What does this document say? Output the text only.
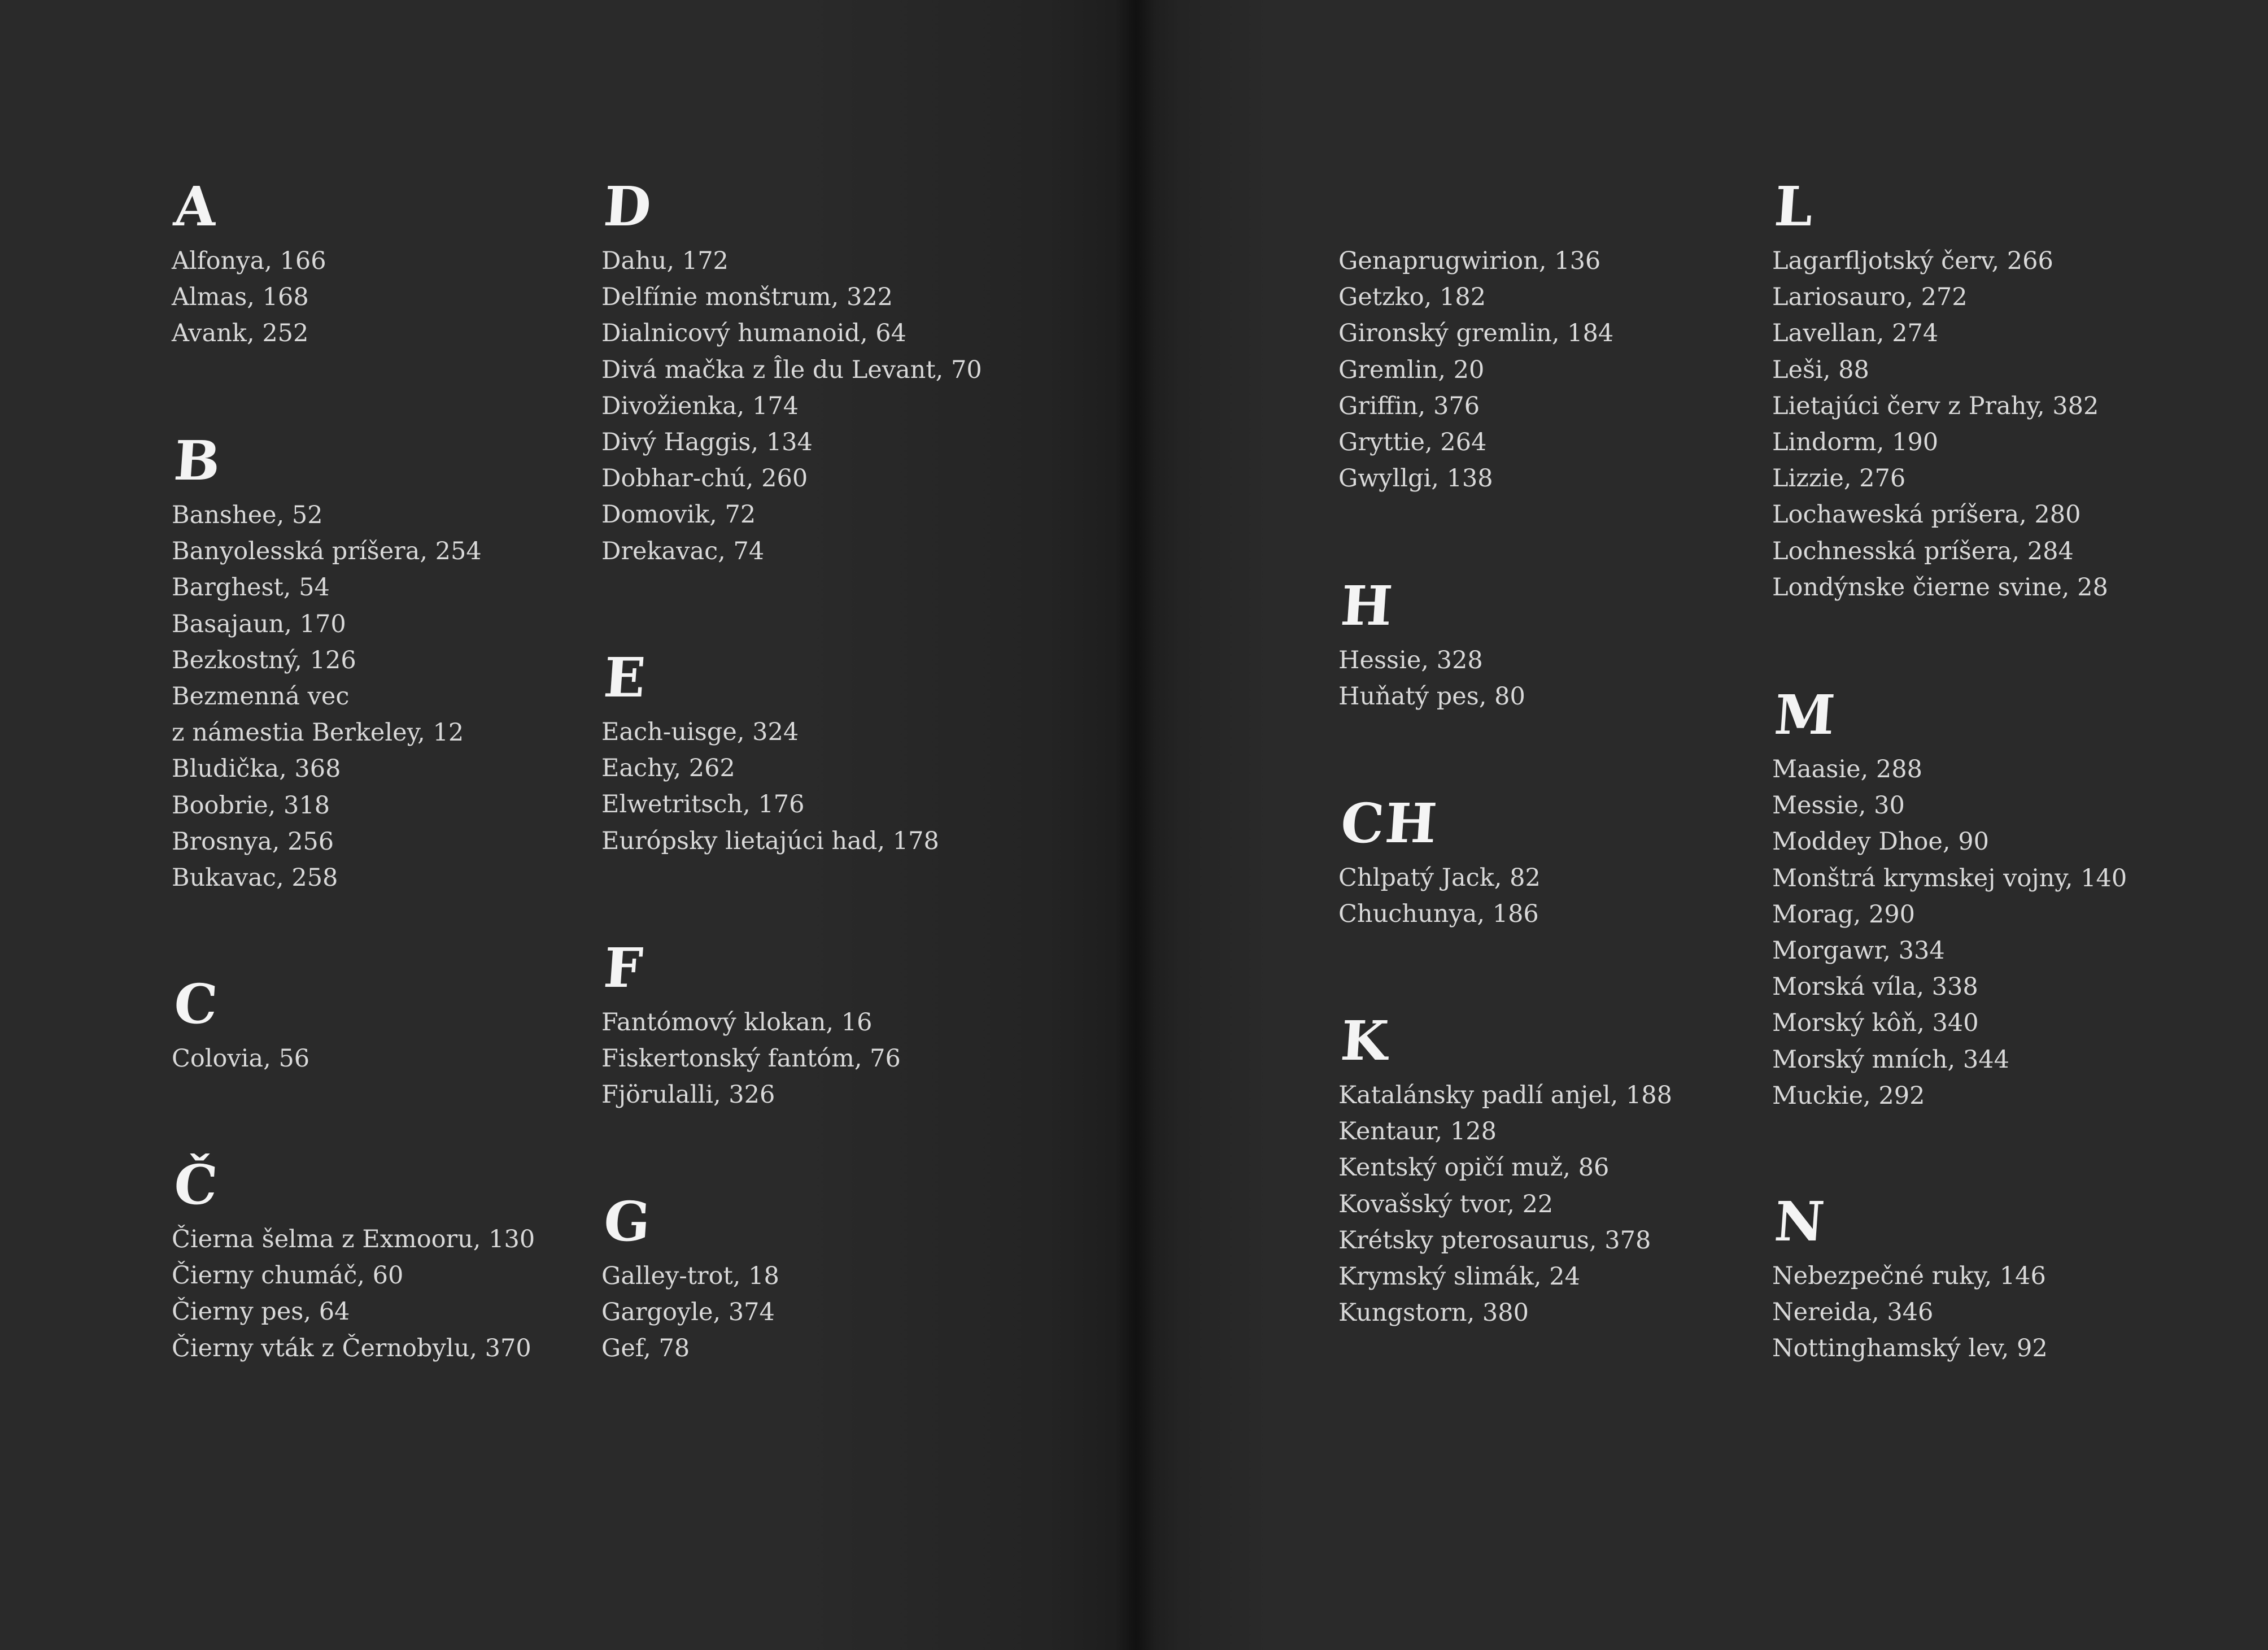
A
Alfonya, 166
Almas, 168
Avank, 252
B
Banshee, 52
Banyolesská príšera, 254
Barghest, 54
Basajaun, 170
Bezkostný, 126
Bezmenná vec
z námestia Berkeley, 12
Bludička, 368
Boobrie, 318
Brosnya, 256
Bukavac, 258
C
Colovia, 56
Č
Čierna šelma z Exmooru, 130
Čierny chumáč, 60
Čierny pes, 64
Čierny vták z Černobylu, 370
D
Dahu, 172
Delfínie monštrum, 322
Dialnicový humanoid, 64
Divá mačka z Île du Levant, 70
Divožienka, 174
Divý Haggis, 134
Dobhar-chú, 260
Domovik, 72
Drekavac, 74
E
Each-uisge, 324
Eachy, 262
Elwetritsch, 176
Európsky lietajúci had, 178
F
Fantómový klokan, 16
Fiskertonský fantóm, 76
Fjörulalli, 326
G
Galley-trot, 18
Gargoyle, 374
Gef, 78
Genaprugwirion, 136
Getzko, 182
Gironský gremlin, 184
Gremlin, 20
Griffin, 376
Gryttie, 264
Gwyllgi, 138
H
Hessie, 328
Huňatý pes, 80
CH
Chlpatý Jack, 82
Chuchunya, 186
K
Katalánsky padlí anjel, 188
Kentaur, 128
Kentský opičí muž, 86
Kovašský tvor, 22
Krétsky pterosaurus, 378
Krymský slimák, 24
Kungstorn, 380
L
Lagarfljotský červ, 266
Lariosauro, 272
Lavellan, 274
Leši, 88
Lietajúci červ z Prahy, 382
Lindorm, 190
Lizzie, 276
Lochaweská príšera, 280
Lochnesská príšera, 284
Londýnske čierne svine, 28
M
Maasie, 288
Messie, 30
Moddey Dhoe, 90
Monštrá krymskej vojny, 140
Morag, 290
Morgawr, 334
Morská víla, 338
Morský kôň, 340
Morský mních, 344
Muckie, 292
N
Nebezpečné ruky, 146
Nereida, 346
Nottinghamský lev, 92
